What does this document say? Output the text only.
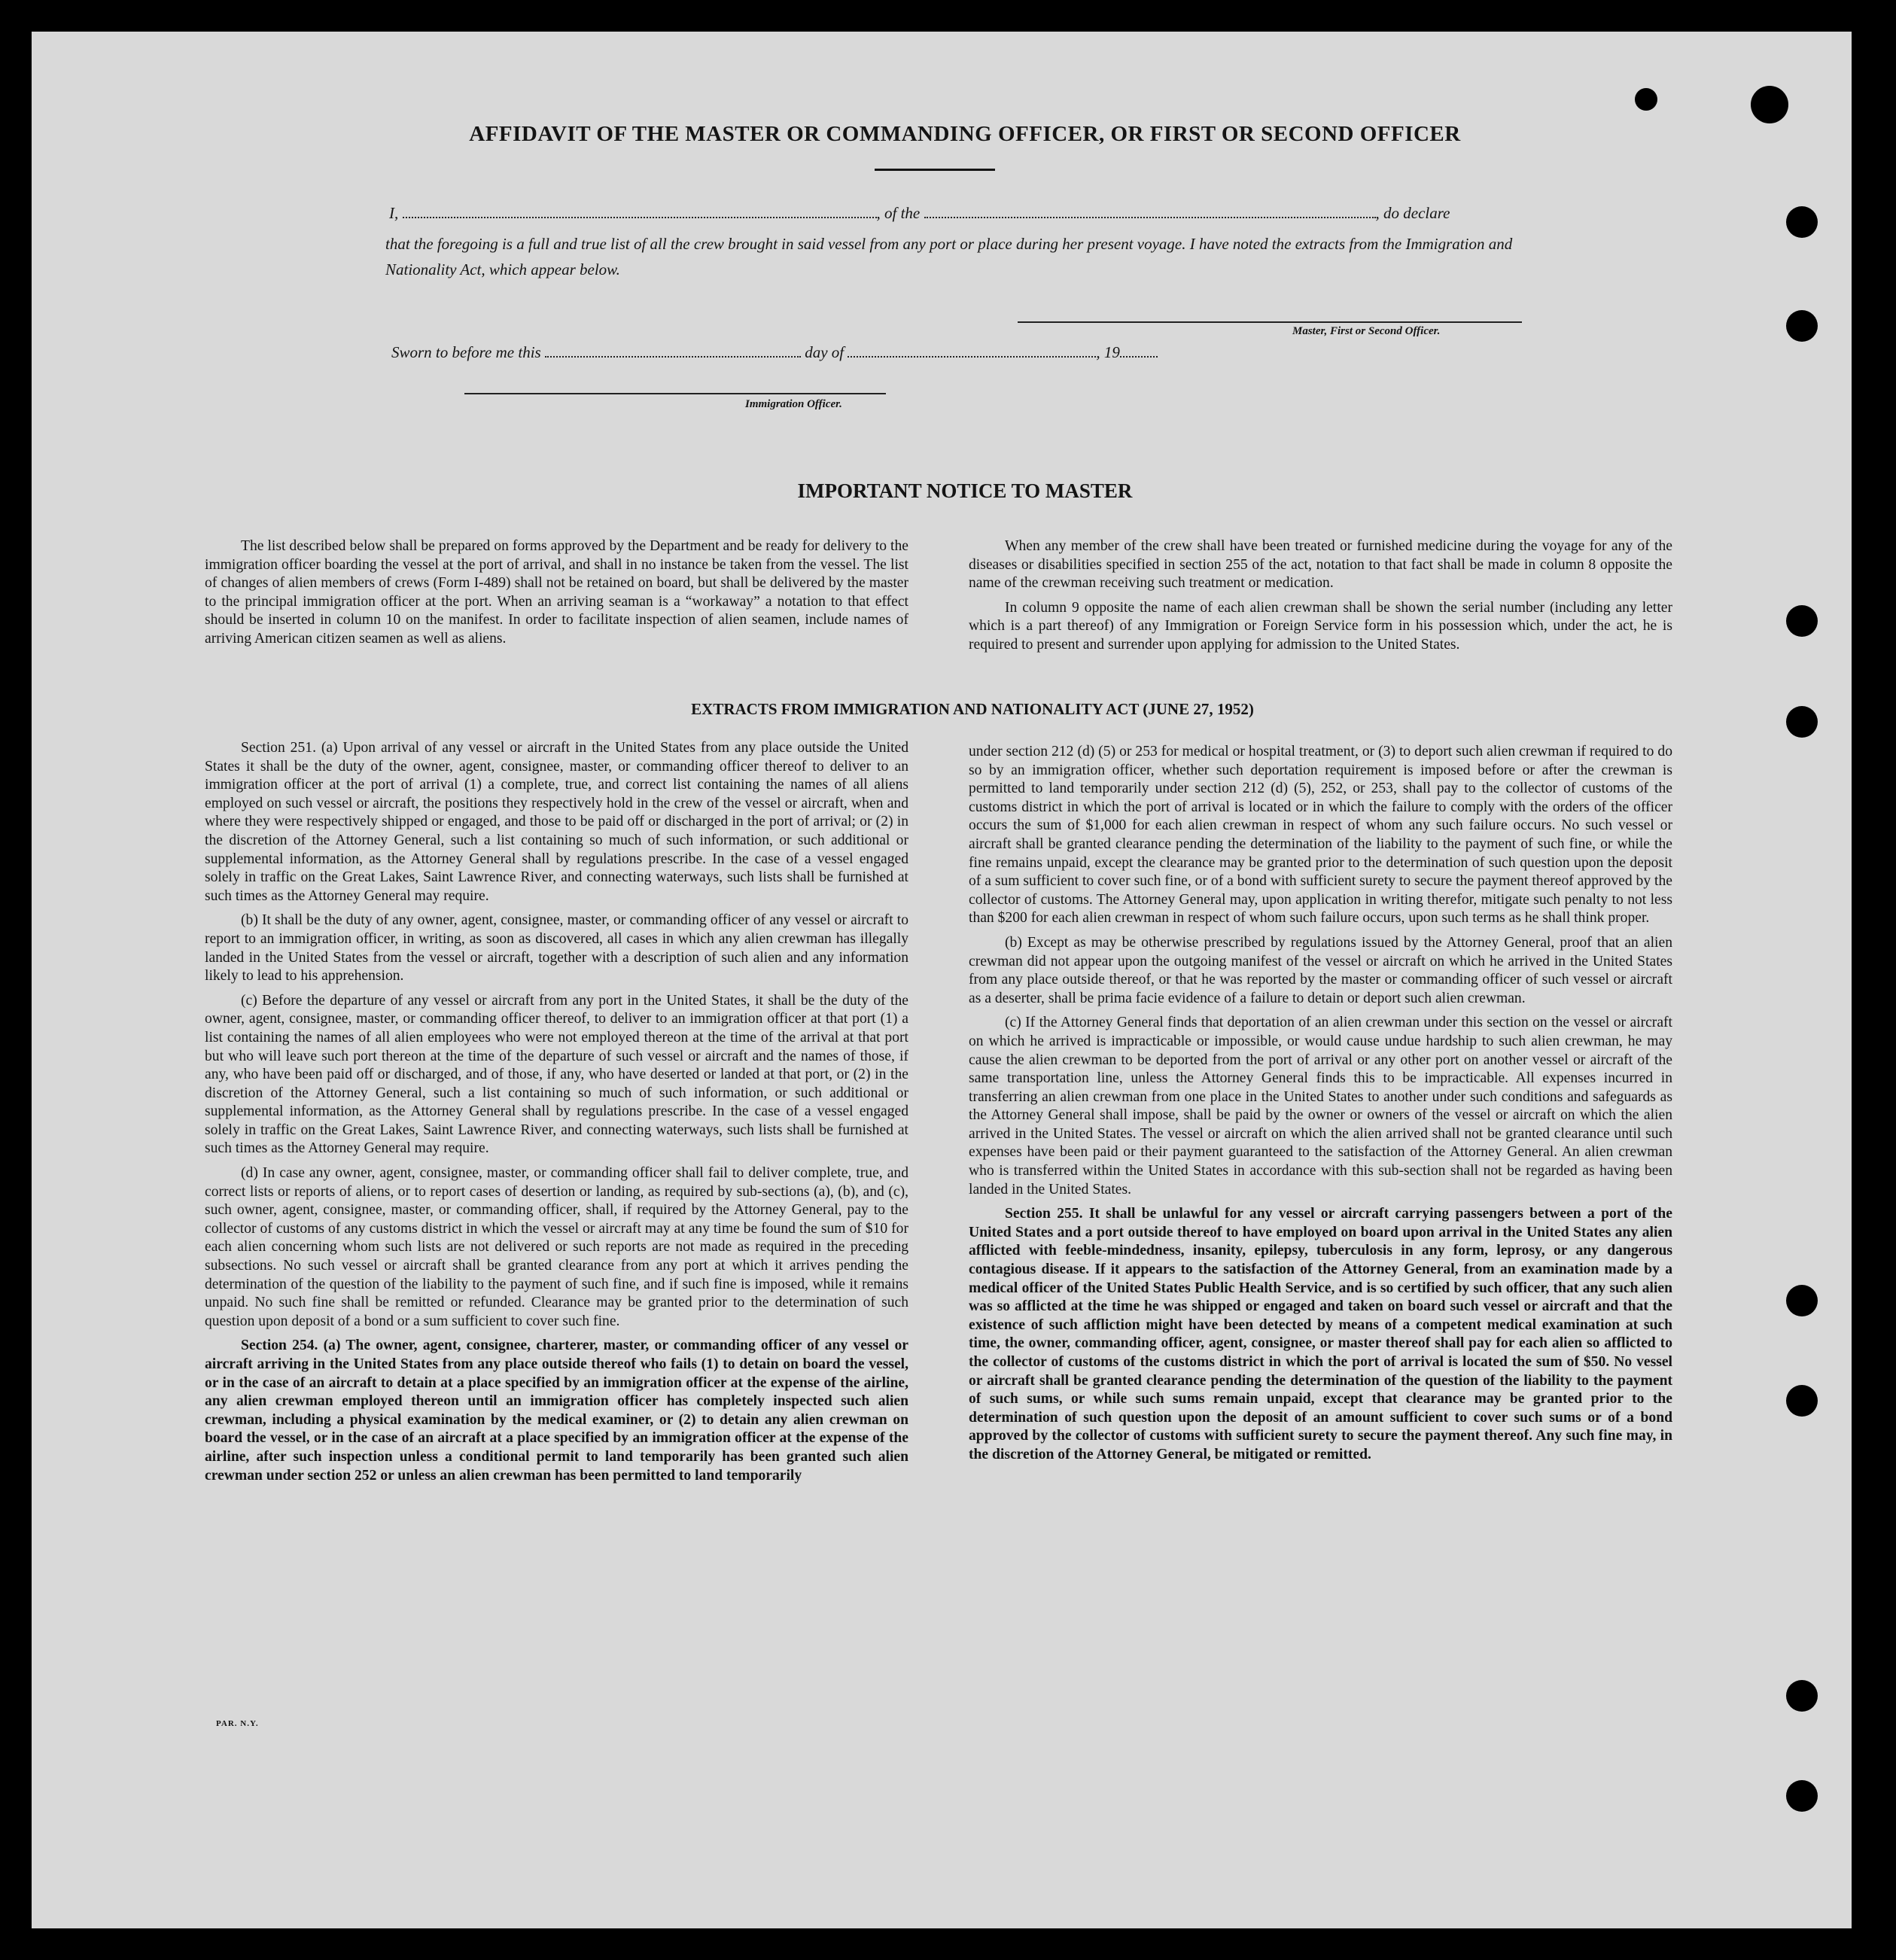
AFFIDAVIT OF THE MASTER OR COMMANDING OFFICER, OR FIRST OR SECOND OFFICER
I,	, of the	, do declare
that the foregoing is a full and true list of all the crew brought in said vessel from any port or place during her present voyage. I have noted the extracts from the Immigration and Nationality Act, which appear below.
Master, First or Second Officer.
Sworn to before me this	day of	, 19
Immigration Officer.
IMPORTANT NOTICE TO MASTER

The list described below shall be prepared on forms approved by the Department and be ready for delivery to the immigration officer boarding the vessel at the port of arrival, and shall in no instance be taken from the vessel. The list of changes of alien members of crews (Form I-489) shall not be retained on board, but shall be delivered by the master to the principal immigration officer at the port. When an arriving seaman is a “workaway” a notation to that effect should be inserted in column 10 on the manifest. In order to facilitate inspection of alien seamen, include names of arriving American citizen seamen as well as aliens.

When any member of the crew shall have been treated or furnished medicine during the voyage for any of the diseases or disabilities specified in section 255 of the act, notation to that fact shall be made in column 8 opposite the name of the crewman receiving such treatment or medication.

In column 9 opposite the name of each alien crewman shall be shown the serial number (including any letter which is a part thereof) of any Immigration or Foreign Service form in his possession which, under the act, he is required to present and surrender upon applying for admission to the United States.

EXTRACTS FROM IMMIGRATION AND NATIONALITY ACT (JUNE 27, 1952)

Section 251. (a) Upon arrival of any vessel or aircraft in the United States from any place outside the United States it shall be the duty of the owner, agent, consignee, master, or commanding officer thereof to deliver to an immigration officer at the port of arrival (1) a complete, true, and correct list containing the names of all aliens employed on such vessel or aircraft, the positions they respectively hold in the crew of the vessel or aircraft, when and where they were respectively shipped or engaged, and those to be paid off or discharged in the port of arrival; or (2) in the discretion of the Attorney General, such a list containing so much of such information, or such additional or supplemental information, as the Attorney General shall by regulations prescribe. In the case of a vessel engaged solely in traffic on the Great Lakes, Saint Lawrence River, and connecting waterways, such lists shall be furnished at such times as the Attorney General may require.

(b) It shall be the duty of any owner, agent, consignee, master, or commanding officer of any vessel or aircraft to report to an immigration officer, in writing, as soon as discovered, all cases in which any alien crewman has illegally landed in the United States from the vessel or aircraft, together with a description of such alien and any information likely to lead to his apprehension.

(c) Before the departure of any vessel or aircraft from any port in the United States, it shall be the duty of the owner, agent, consignee, master, or commanding officer thereof, to deliver to an immigration officer at that port (1) a list containing the names of all alien employees who were not employed thereon at the time of the arrival at that port but who will leave such port thereon at the time of the departure of such vessel or aircraft and the names of those, if any, who have been paid off or discharged, and of those, if any, who have deserted or landed at that port, or (2) in the discretion of the Attorney General, such a list containing so much of such information, or such additional or supplemental information, as the Attorney General shall by regulations prescribe. In the case of a vessel engaged solely in traffic on the Great Lakes, Saint Lawrence River, and connecting waterways, such lists shall be furnished at such times as the Attorney General may require.

(d) In case any owner, agent, consignee, master, or commanding officer shall fail to deliver complete, true, and correct lists or reports of aliens, or to report cases of desertion or landing, as required by sub-sections (a), (b), and (c), such owner, agent, consignee, master, or commanding officer, shall, if required by the Attorney General, pay to the collector of customs of any customs district in which the vessel or aircraft may at any time be found the sum of $10 for each alien concerning whom such lists are not delivered or such reports are not made as required in the preceding subsections. No such vessel or aircraft shall be granted clearance from any port at which it arrives pending the determination of the question of the liability to the payment of such fine, and if such fine is imposed, while it remains unpaid. No such fine shall be remitted or refunded. Clearance may be granted prior to the determination of such question upon deposit of a bond or a sum sufficient to cover such fine.

Section 254. (a) The owner, agent, consignee, charterer, master, or commanding officer of any vessel or aircraft arriving in the United States from any place outside thereof who fails (1) to detain on board the vessel, or in the case of an aircraft to detain at a place specified by an immigration officer at the expense of the airline, any alien crewman employed thereon until an immigration officer has completely inspected such alien crewman, including a physical examination by the medical examiner, or (2) to detain any alien crewman on board the vessel, or in the case of an aircraft at a place specified by an immigration officer at the expense of the airline, after such inspection unless a conditional permit to land temporarily has been granted such alien crewman under section 252 or unless an alien crewman has been permitted to land temporarily

under section 212 (d) (5) or 253 for medical or hospital treatment, or (3) to deport such alien crewman if required to do so by an immigration officer, whether such deportation requirement is imposed before or after the crewman is permitted to land temporarily under section 212 (d) (5), 252, or 253, shall pay to the collector of customs of the customs district in which the port of arrival is located or in which the failure to comply with the orders of the officer occurs the sum of $1,000 for each alien crewman in respect of whom any such failure occurs. No such vessel or aircraft shall be granted clearance pending the determination of the liability to the payment of such fine, or while the fine remains unpaid, except the clearance may be granted prior to the determination of such question upon the deposit of a sum sufficient to cover such fine, or of a bond with sufficient surety to secure the payment thereof approved by the collector of customs. The Attorney General may, upon application in writing therefor, mitigate such penalty to not less than $200 for each alien crewman in respect of whom such failure occurs, upon such terms as he shall think proper.

(b) Except as may be otherwise prescribed by regulations issued by the Attorney General, proof that an alien crewman did not appear upon the outgoing manifest of the vessel or aircraft on which he arrived in the United States from any place outside thereof, or that he was reported by the master or commanding officer of such vessel or aircraft as a deserter, shall be prima facie evidence of a failure to detain or deport such alien crewman.

(c) If the Attorney General finds that deportation of an alien crewman under this section on the vessel or aircraft on which he arrived is impracticable or impossible, or would cause undue hardship to such alien crewman, he may cause the alien crewman to be deported from the port of arrival or any other port on another vessel or aircraft of the same transportation line, unless the Attorney General finds this to be impracticable. All expenses incurred in transferring an alien crewman from one place in the United States to another under such conditions and safeguards as the Attorney General shall impose, shall be paid by the owner or owners of the vessel or aircraft on which the alien arrived in the United States. The vessel or aircraft on which the alien arrived shall not be granted clearance until such expenses have been paid or their payment guaranteed to the satisfaction of the Attorney General. An alien crewman who is transferred within the United States in accordance with this sub-section shall not be regarded as having been landed in the United States.

Section 255. It shall be unlawful for any vessel or aircraft carrying passengers between a port of the United States and a port outside thereof to have employed on board upon arrival in the United States any alien afflicted with feeble-mindedness, insanity, epilepsy, tuberculosis in any form, leprosy, or any dangerous contagious disease. If it appears to the satisfaction of the Attorney General, from an examination made by a medical officer of the United States Public Health Service, and is so certified by such officer, that any such alien was so afflicted at the time he was shipped or engaged and taken on board such vessel or aircraft and that the existence of such affliction might have been detected by means of a competent medical examination at such time, the owner, commanding officer, agent, consignee, or master thereof shall pay for each alien so afflicted to the collector of customs of the customs district in which the port of arrival is located the sum of $50. No vessel or aircraft shall be granted clearance pending the determination of the question of the liability to the payment of such sums, or while such sums remain unpaid, except that clearance may be granted prior to the determination of such question upon the deposit of an amount sufficient to cover such sums or of a bond approved by the collector of customs with sufficient surety to secure the payment thereof. Any such fine may, in the discretion of the Attorney General, be mitigated or remitted.

PAR. N.Y.
